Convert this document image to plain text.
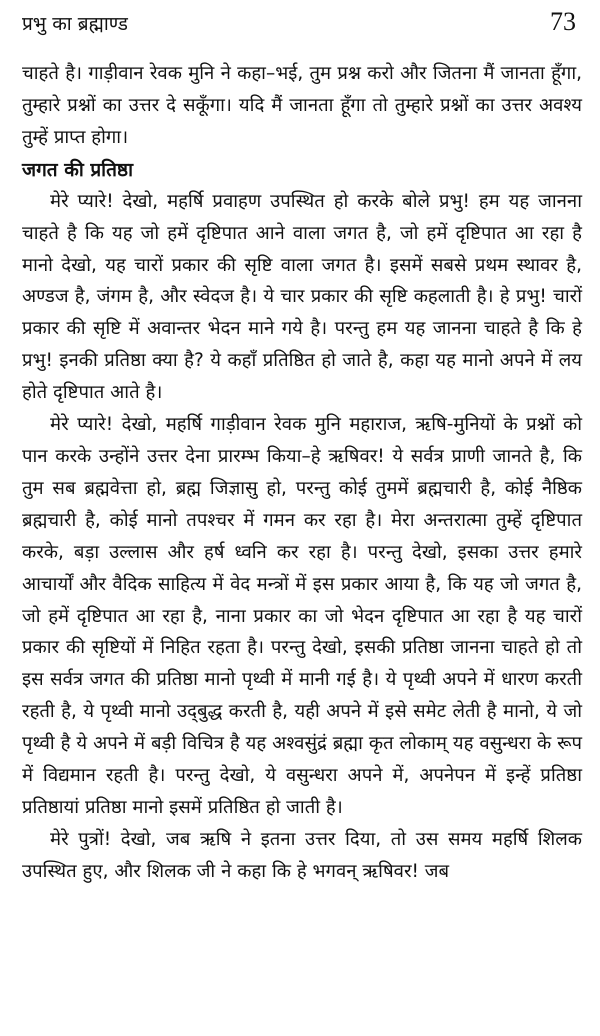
प्रभु का ब्रह्माण्ड	73

चाहते है। गाड़ीवान रेवक मुनि ने कहा–भई, तुम प्रश्न करो और जितना मैं जानता हूँगा, तुम्हारे प्रश्नों का उत्तर दे सकूँगा। यदि मैं जानता हूँगा तो तुम्हारे प्रश्नों का उत्तर अवश्य तुम्हें प्राप्त होगा।

जगत की प्रतिष्ठा

मेरे प्यारे! देखो, महर्षि प्रवाहण उपस्थित हो करके बोले प्रभु! हम यह जानना चाहते है कि यह जो हमें दृष्टिपात आने वाला जगत है, जो हमें दृष्टिपात आ रहा है मानो देखो, यह चारों प्रकार की सृष्टि वाला जगत है। इसमें सबसे प्रथम स्थावर है, अण्डज है, जंगम है, और स्वेदज है। ये चार प्रकार की सृष्टि कहलाती है। हे प्रभु! चारों प्रकार की सृष्टि में अवान्तर भेदन माने गये है। परन्तु हम यह जानना चाहते है कि हे प्रभु! इनकी प्रतिष्ठा क्या है? ये कहाँ प्रतिष्ठित हो जाते है, कहा यह मानो अपने में लय होते दृष्टिपात आते है।

मेरे प्यारे! देखो, महर्षि गाड़ीवान रेवक मुनि महाराज, ऋषि-मुनियों के प्रश्नों को पान करके उन्होंने उत्तर देना प्रारम्भ किया–हे ऋषिवर! ये सर्वत्र प्राणी जानते है, कि तुम सब ब्रह्मवेत्ता हो, ब्रह्म जिज्ञासु हो, परन्तु कोई तुममें ब्रह्मचारी है, कोई नैष्ठिक ब्रह्मचारी है, कोई मानो तपश्चर में गमन कर रहा है। मेरा अन्तरात्मा तुम्हें दृष्टिपात करके, बड़ा उल्लास और हर्ष ध्वनि कर रहा है। परन्तु देखो, इसका उत्तर हमारे आचार्यों और वैदिक साहित्य में वेद मन्त्रों में इस प्रकार आया है, कि यह जो जगत है, जो हमें दृष्टिपात आ रहा है, नाना प्रकार का जो भेदन दृष्टिपात आ रहा है यह चारों प्रकार की सृष्टियों में निहित रहता है। परन्तु देखो, इसकी प्रतिष्ठा जानना चाहते हो तो इस सर्वत्र जगत की प्रतिष्ठा मानो पृथ्वी में मानी गई है। ये पृथ्वी अपने में धारण करती रहती है, ये पृथ्वी मानो उद्‌बुद्ध करती है, यही अपने में इसे समेट लेती है मानो, ये जो पृथ्वी है ये अपने में बड़ी विचित्र है यह अश्वसुंद्रं ब्रह्मा कृत लोकाम् यह वसुन्धरा के रूप में विद्यमान रहती है। परन्तु देखो, ये वसुन्धरा अपने में, अपनेपन में इन्हें प्रतिष्ठा प्रतिष्ठायां प्रतिष्ठा मानो इसमें प्रतिष्ठित हो जाती है।

मेरे पुत्रों! देखो, जब ऋषि ने इतना उत्तर दिया, तो उस समय महर्षि शिलक उपस्थित हुए, और शिलक जी ने कहा कि हे भगवन् ऋषिवर! जब
